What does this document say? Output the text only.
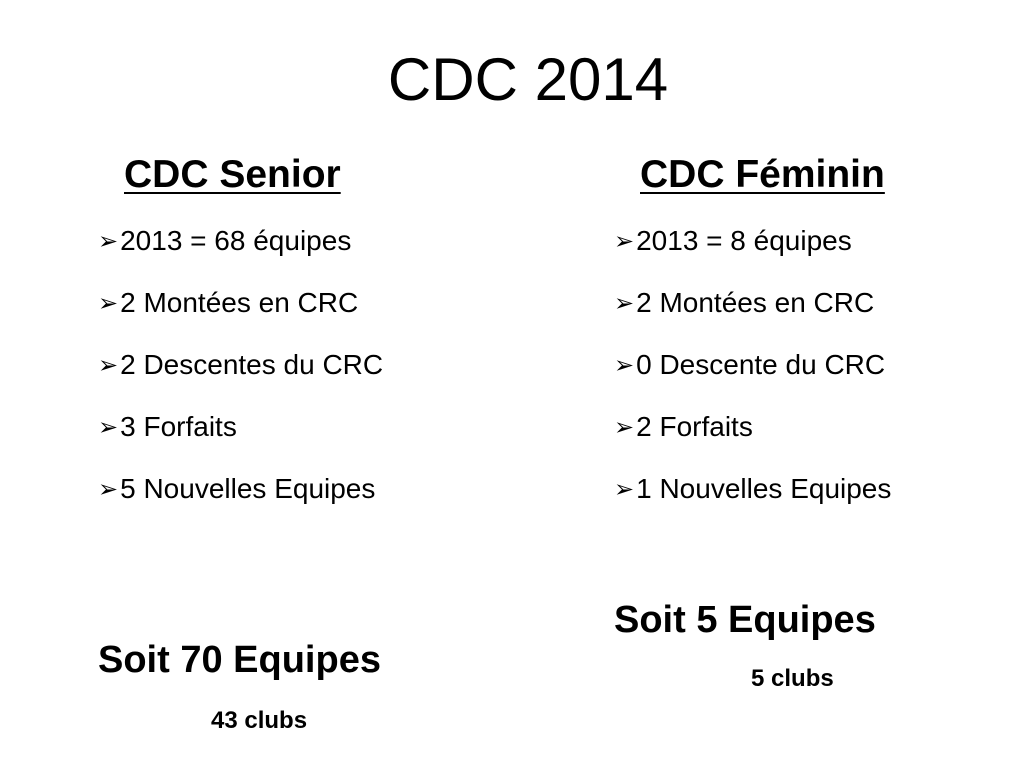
CDC 2014
CDC Senior
➢2013 = 68 équipes
➢2 Montées en CRC
➢2 Descentes du CRC
➢3 Forfaits
➢5 Nouvelles Equipes
Soit 70 Equipes
43 clubs
CDC Féminin
➢2013 = 8 équipes
➢2 Montées en CRC
➢0 Descente du CRC
➢2 Forfaits
➢1 Nouvelles Equipes
Soit 5 Equipes
5 clubs
